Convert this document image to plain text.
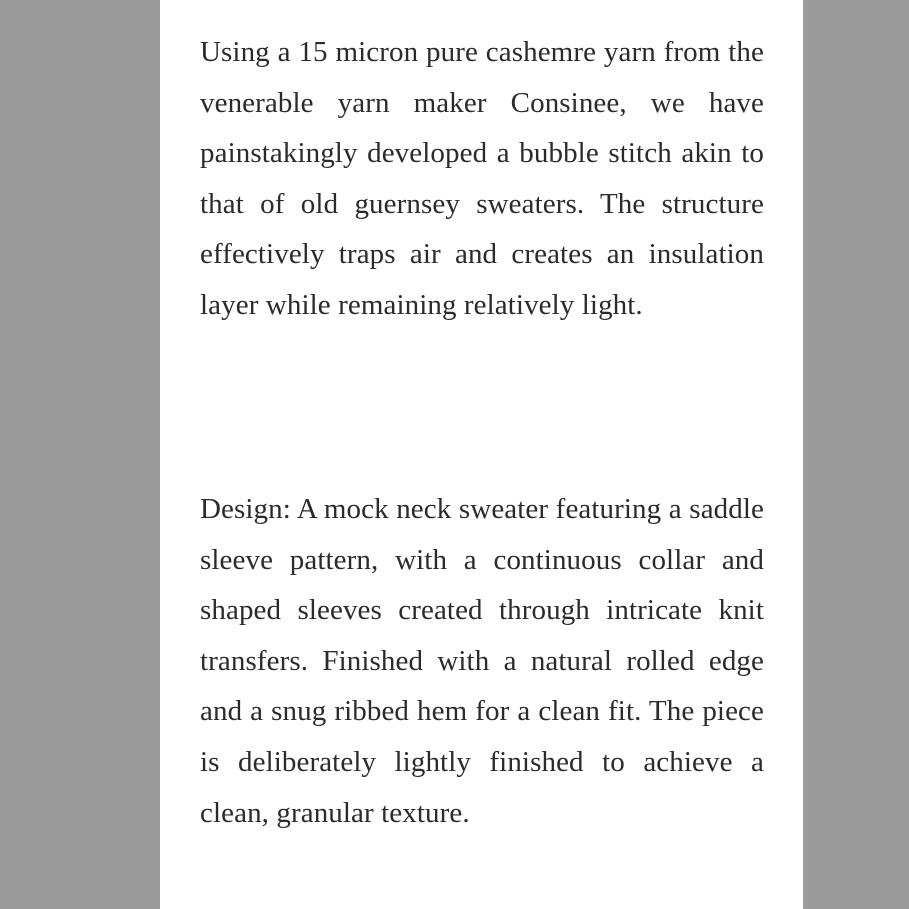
Using a 15 micron pure cashemre yarn from the venerable yarn maker Consinee, we have painstakingly developed a bubble stitch akin to that of old guernsey sweaters. The structure effectively traps air and creates an insulation layer while remaining relatively light.

Design: A mock neck sweater featuring a saddle sleeve pattern, with a continuous collar and shaped sleeves created through intricate knit transfers. Finished with a natural rolled edge and a snug ribbed hem for a clean fit. The piece is deliberately lightly finished to achieve a clean, granular texture.
